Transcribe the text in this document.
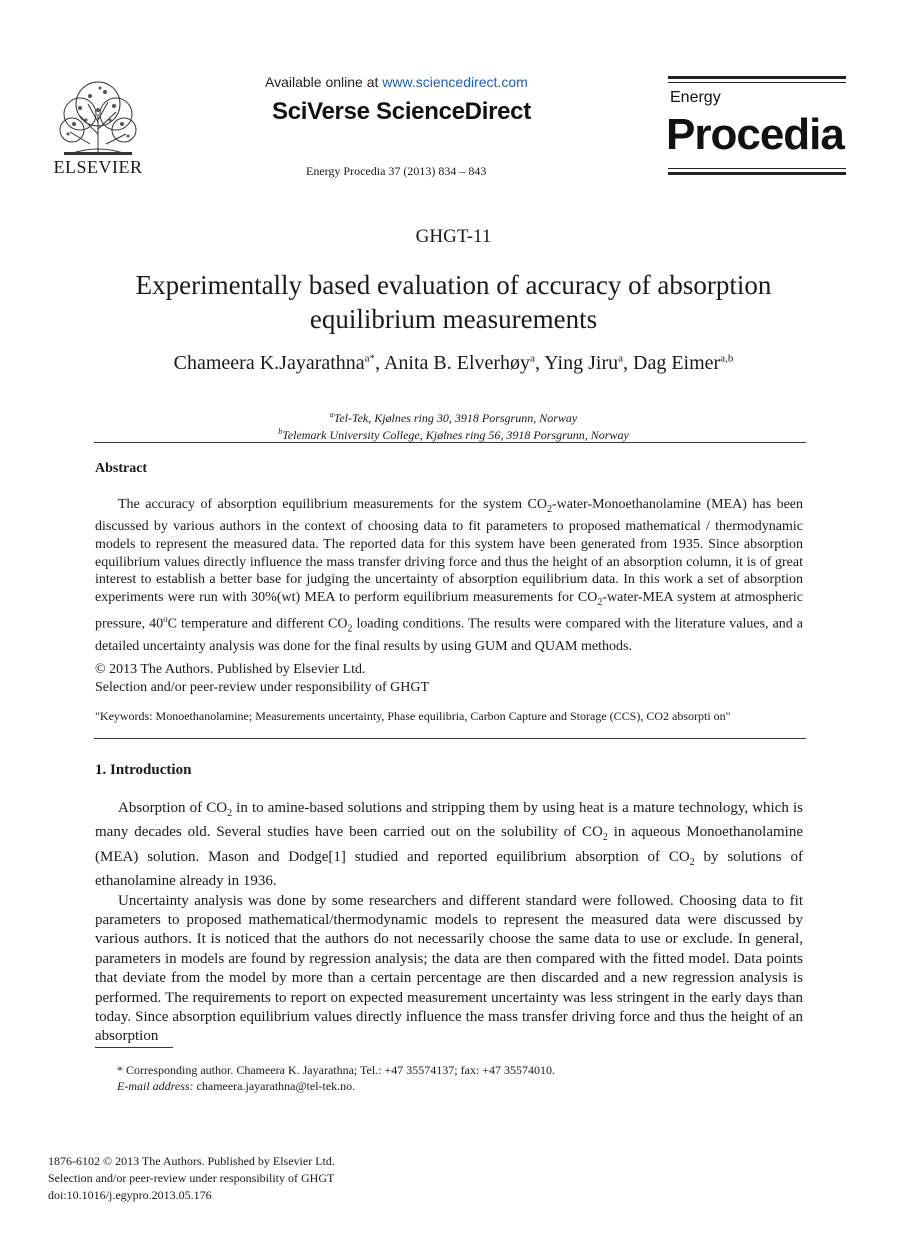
ELSEVIER
Available online at www.sciencedirect.com
SciVerse ScienceDirect
Energy Procedia 37 (2013) 834 – 843
Energy
Procedia
GHGT-11
Experimentally based evaluation of accuracy of absorption
equilibrium measurements
Chameera K.Jayarathna$^{a*}$, Anita B. Elverhøy$^a$, Ying Jiru$^a$, Dag Eimer$^{a,b}$
$^a$Tel-Tek, Kjølnes ring 30, 3918 Porsgrunn, Norway
$^b$Telemark University College, Kjølnes ring 56, 3918 Porsgrunn, Norway
Abstract

The accuracy of absorption equilibrium measurements for the system $CO_2-water$-Monoethanolamine (MEA) has been discussed by various authors in the context of choosing data to fit parameters to proposed mathematical / thermodynamic models to represent the measured data. The reported data for this system have been generated from 1935. Since absorption equilibrium values directly influence the mass transfer driving force and thus the height of an absorption column, it is of great interest to establish a better base for judging the uncertainty of absorption equilibrium data. In this work a set of absorption experiments were run with 30%(wt) MEA to perform equilibrium measurements for $CO_2-water$-MEA system at atmospheric pressure, 40$^o$C temperature and different $CO_2$ loading conditions. The results were compared with the literature values, and a detailed uncertainty analysis was done for the final results by using GUM and QUAM methods.

© 2013 The Authors. Published by Elsevier Ltd.
Selection and/or peer-review under responsibility of GHGT
"Keywords: Monoethanolamine; Measurements uncertainty, Phase equilibria, Carbon Capture and Storage (CCS), CO2 absorpti on"
1. Introduction

Absorption of $CO_2$ in to amine-based solutions and stripping them by using heat is a mature technology, which is many decades old. Several studies have been carried out on the solubility of $CO_2$ in aqueous Monoethanolamine (MEA) solution. Mason and Dodge[1] studied and reported equilibrium absorption of $CO_2$ by solutions of ethanolamine already in 1936.

Uncertainty analysis was done by some researchers and different standard were followed. Choosing data to fit parameters to proposed mathematical/thermodynamic models to represent the measured data were discussed by various authors. It is noticed that the authors do not necessarily choose the same data to use or exclude. In general, parameters in models are found by regression analysis; the data are then compared with the fitted model. Data points that deviate from the model by more than a certain percentage are then discarded and a new regression analysis is performed. The requirements to report on expected measurement uncertainty was less stringent in the early days than today. Since absorption equilibrium values directly influence the mass transfer driving force and thus the height of an absorption

* Corresponding author. Chameera K. Jayarathna; Tel.: +47 35574137; fax: +47 35574010.
E-mail address: chameera.jayarathna@tel-tek.no.
1876-6102 © 2013 The Authors. Published by Elsevier Ltd.
Selection and/or peer-review under responsibility of GHGT
doi:10.1016/j.egypro.2013.05.176
